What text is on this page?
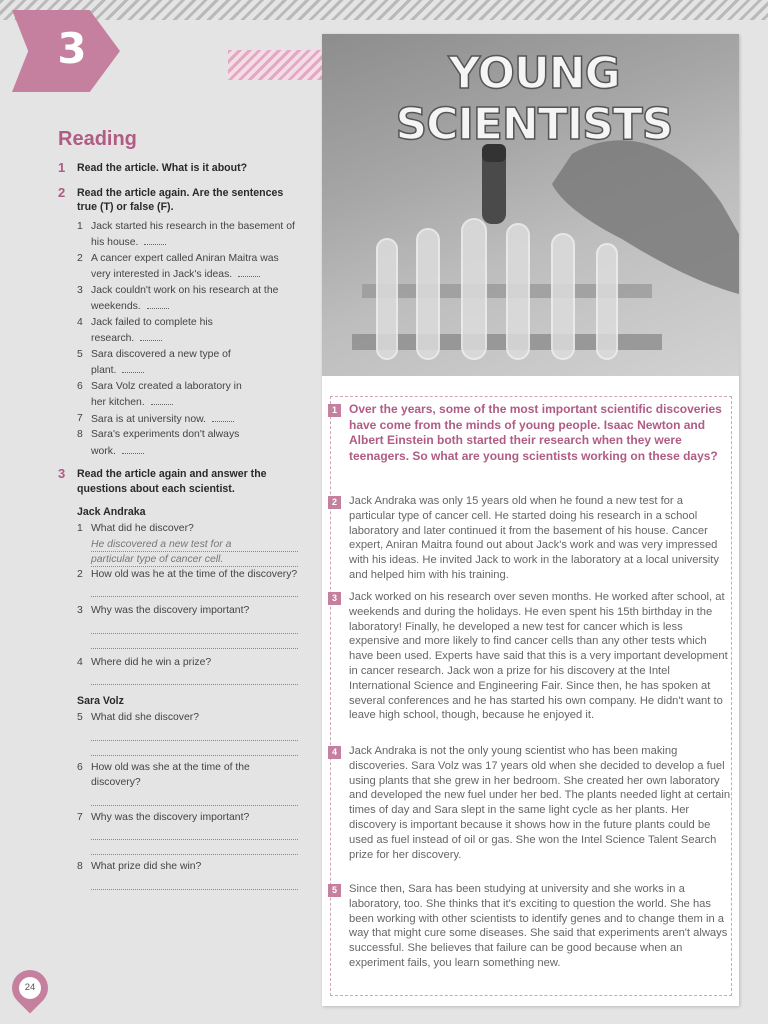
3
Reading
1	Read the article. What is it about?
2	Read the article again. Are the sentences true (T) or false (F).
1 Jack started his research in the basement of his house.
2 A cancer expert called Aniran Maitra was very interested in Jack's ideas.
3 Jack couldn't work on his research at the weekends.
4 Jack failed to complete his research.
5 Sara discovered a new type of plant.
6 Sara Volz created a laboratory in her kitchen.
7 Sara is at university now.
8 Sara's experiments don't always work.
3	Read the article again and answer the questions about each scientist.
Jack Andraka
1 What did he discover?
He discovered a new test for a
particular type of cancer cell.
2 How old was he at the time of the discovery?
3 Why was the discovery important?
4 Where did he win a prize?
Sara Volz
5 What did she discover?
6 How old was she at the time of the discovery?
7 Why was the discovery important?
8 What prize did she win?
YOUNG SCIENTISTS
1	Over the years, some of the most important scientific discoveries have come from the minds of young people. Isaac Newton and Albert Einstein both started their research when they were teenagers. So what are young scientists working on these days?
2	Jack Andraka was only 15 years old when he found a new test for a particular type of cancer cell. He started doing his research in a school laboratory and later continued it from the basement of his house. Cancer expert, Aniran Maitra found out about Jack's work and was very impressed with his ideas. He invited Jack to work in the laboratory at a local university and helped him with his training.
3	Jack worked on his research over seven months. He worked after school, at weekends and during the holidays. He even spent his 15th birthday in the laboratory! Finally, he developed a new test for cancer which is less expensive and more likely to find cancer cells than any other tests which have been used. Experts have said that this is a very important development in cancer research. Jack won a prize for his discovery at the Intel International Science and Engineering Fair. Since then, he has spoken at several conferences and he has started his own company. He didn't want to leave high school, though, because he enjoyed it.
4	Jack Andraka is not the only young scientist who has been making discoveries. Sara Volz was 17 years old when she decided to develop a fuel using plants that she grew in her bedroom. She created her own laboratory and developed the new fuel under her bed. The plants needed light at certain times of day and Sara slept in the same light cycle as her plants. Her discovery is important because it shows how in the future plants could be used as fuel instead of oil or gas. She won the Intel Science Talent Search prize for her discovery.
5	Since then, Sara has been studying at university and she works in a laboratory, too. She thinks that it's exciting to question the world. She has been working with other scientists to identify genes and to change them in a way that might cure some diseases. She said that experiments aren't always successful. She believes that failure can be good because when an experiment fails, you learn something new.
24
